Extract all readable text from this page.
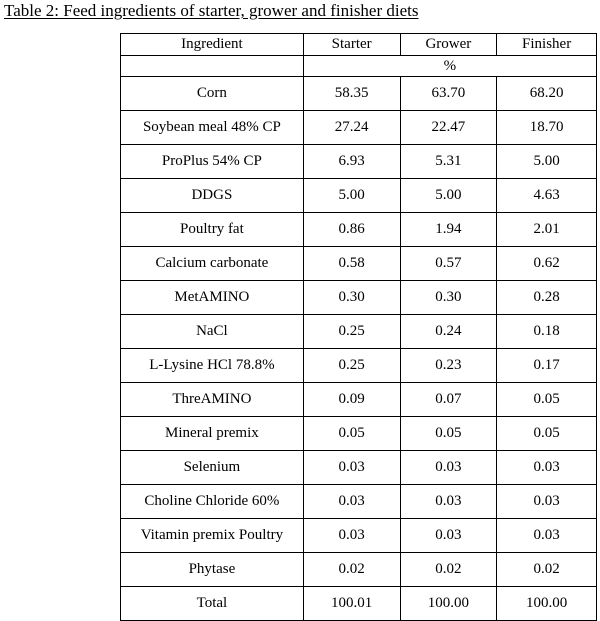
Table 2: Feed ingredients of starter, grower and finisher diets
Ingredient	Starter	Grower	Finisher
	%		
Corn	58.35	63.70	68.20
Soybean meal 48% CP	27.24	22.47	18.70
ProPlus 54% CP	6.93	5.31	5.00
DDGS	5.00	5.00	4.63
Poultry fat	0.86	1.94	2.01
Calcium carbonate	0.58	0.57	0.62
MetAMINO	0.30	0.30	0.28
NaCl	0.25	0.24	0.18
L-Lysine HCl 78.8%	0.25	0.23	0.17
ThreAMINO	0.09	0.07	0.05
Mineral premix	0.05	0.05	0.05
Selenium	0.03	0.03	0.03
Choline Chloride 60%	0.03	0.03	0.03
Vitamin premix Poultry	0.03	0.03	0.03
Phytase	0.02	0.02	0.02
Total	100.01	100.00	100.00
